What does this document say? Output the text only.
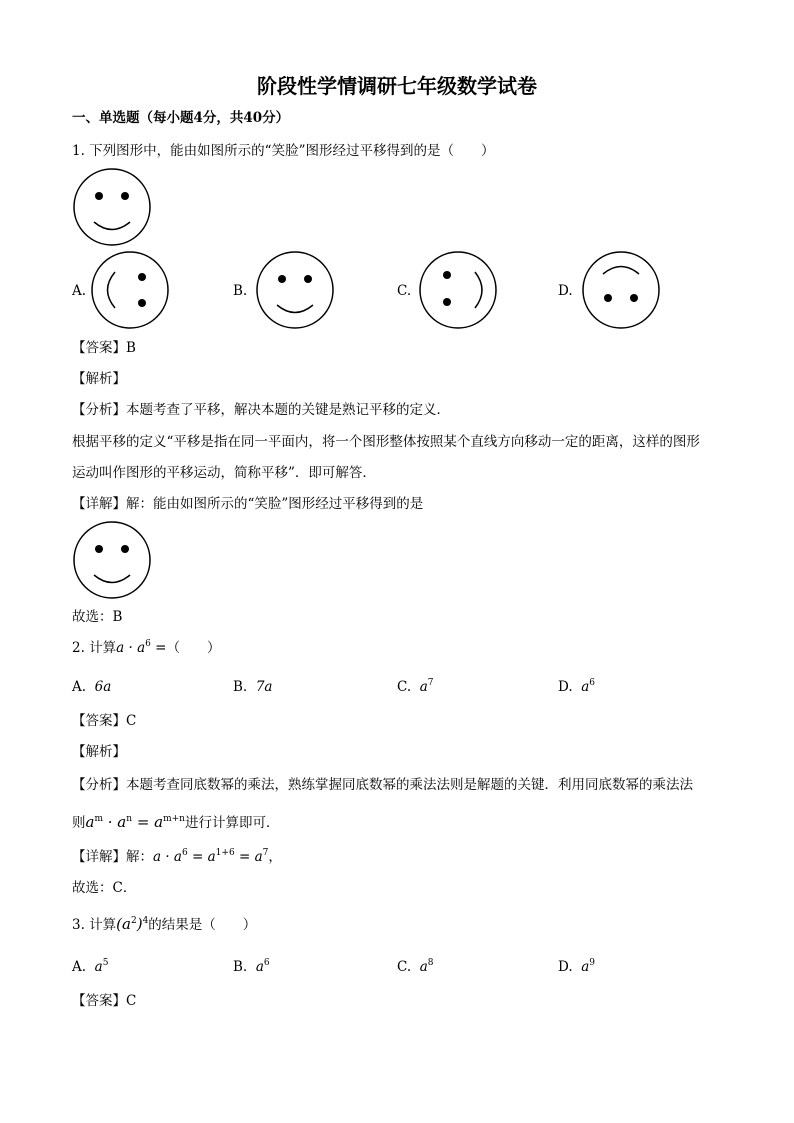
阶段性学情调研七年级数学试卷
一、单选题（每小题4分，共40分）
1. 下列图形中，能由如图所示的“笑脸”图形经过平移得到的是（　　）
A.	B.	C.	D.
【答案】B
【解析】
【分析】本题考查了平移，解决本题的关键是熟记平移的定义．
根据平移的定义“平移是指在同一平面内，将一个图形整体按照某个直线方向移动一定的距离，这样的图形
运动叫作图形的平移运动，简称平移”．即可解答．
【详解】解：能由如图所示的“笑脸”图形经过平移得到的是
故选：B
2. 计算$a \cdot a^6$ =（　　）
A. 6a	B. 7a	C. $a^7$	D. $a^6$
【答案】C
【解析】
【分析】本题考查同底数幂的乘法，熟练掌握同底数幂的乘法法则是解题的关键．利用同底数幂的乘法法
则$a^m \cdot a^n = a^{m+n}$进行计算即可．
【详解】解：$a \cdot a^6 = a^{1+6} = a^7$，
故选：C．
3. 计算$(a^2)^4$的结果是（　　）
A. $a^5$	B. $a^6$	C. $a^8$	D. $a^9$
【答案】C
